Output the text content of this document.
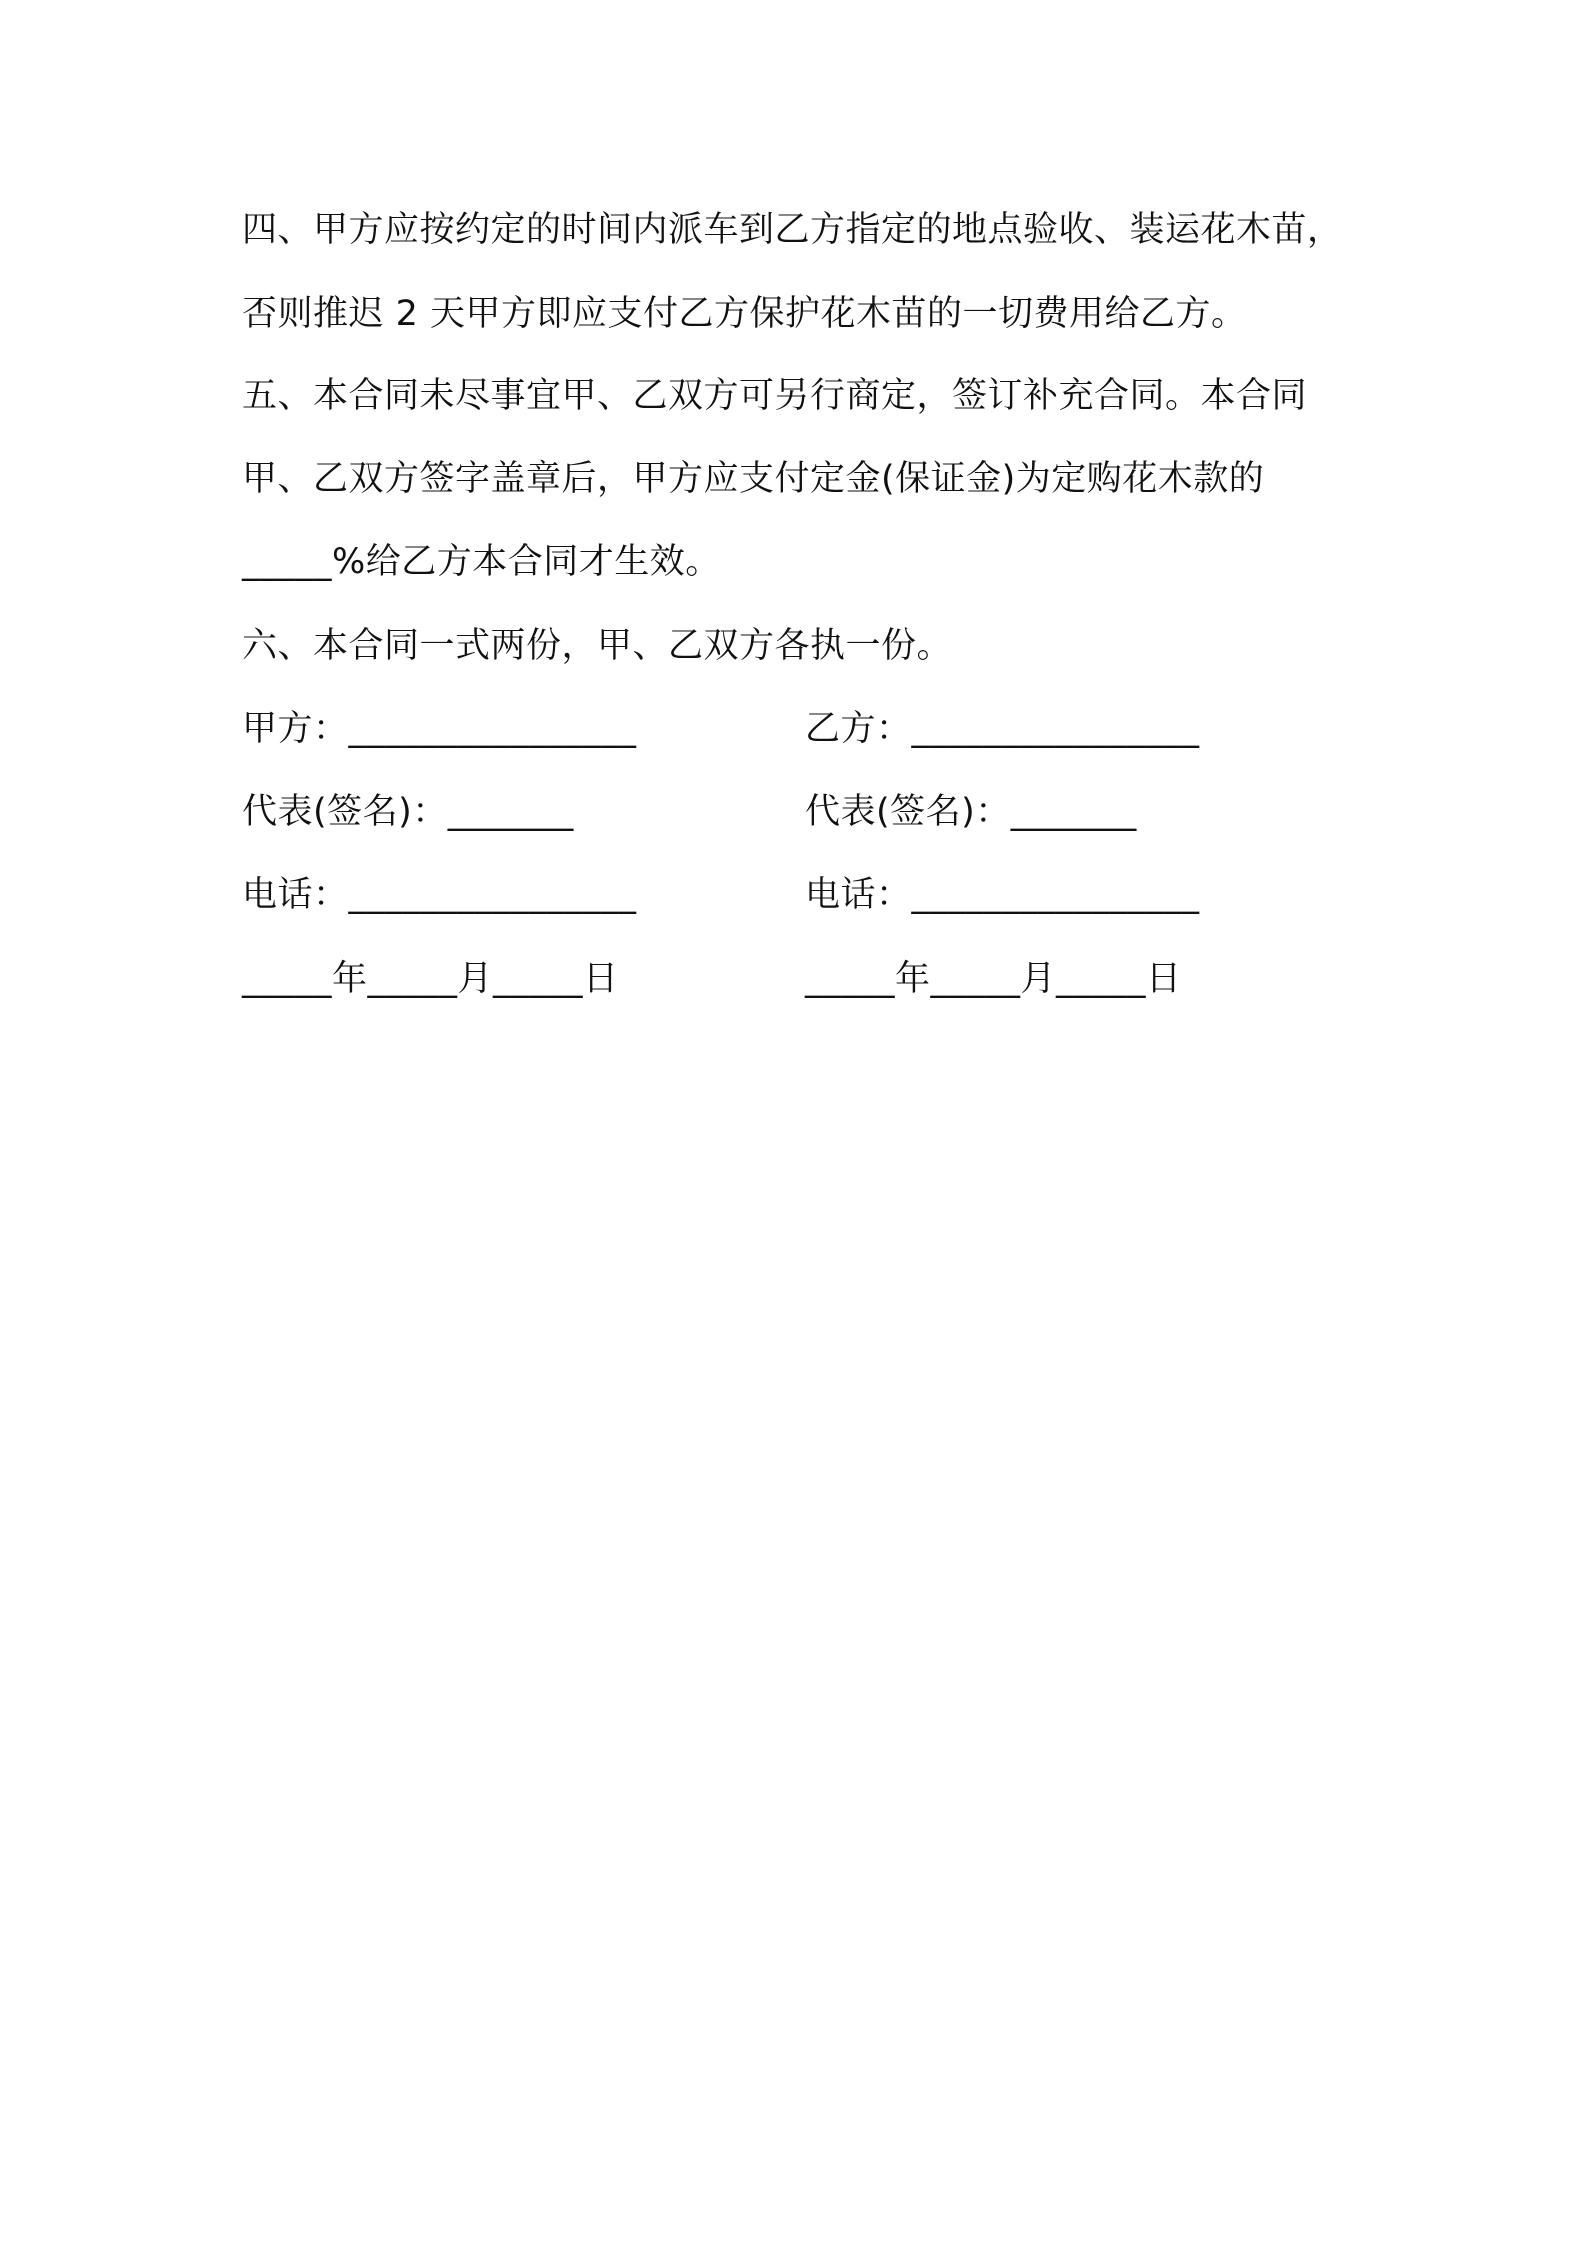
四、甲方应按约定的时间内派车到乙方指定的地点验收、装运花木苗，
否则推迟 2 天甲方即应支付乙方保护花木苗的一切费用给乙方。
五、本合同未尽事宜甲、乙双方可另行商定，签订补充合同。本合同
甲、乙双方签字盖章后，甲方应支付定金(保证金)为定购花木款的
_____%给乙方本合同才生效。
六、本合同一式两份，甲、乙双方各执一份。
甲方：________________	乙方：________________
代表(签名)：_______	代表(签名)：_______
电话：________________	电话：________________
_____年_____月_____日	_____年_____月_____日
